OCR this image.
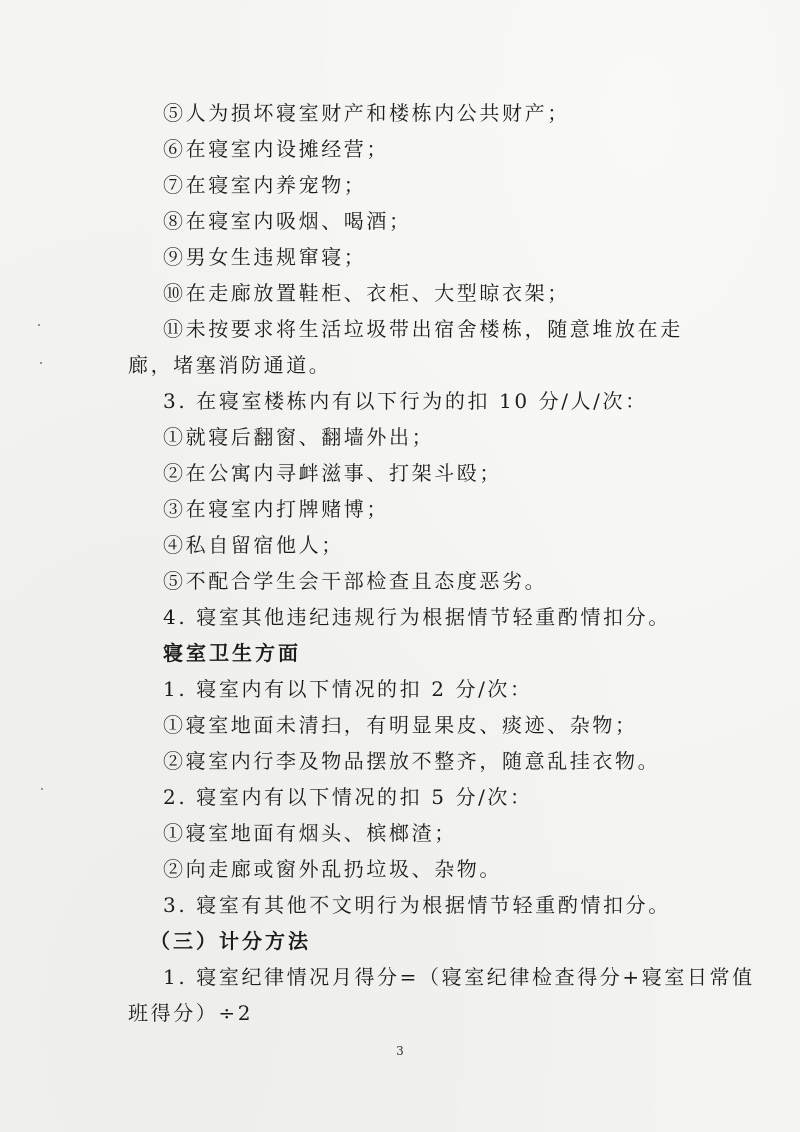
⑤人为损坏寝室财产和楼栋内公共财产；
⑥在寝室内设摊经营；
⑦在寝室内养宠物；
⑧在寝室内吸烟、喝酒；
⑨男女生违规窜寝；
⑩在走廊放置鞋柜、衣柜、大型晾衣架；
⑪未按要求将生活垃圾带出宿舍楼栋，随意堆放在走
廊，堵塞消防通道。
3. 在寝室楼栋内有以下行为的扣 10 分/人/次：
①就寝后翻窗、翻墙外出；
②在公寓内寻衅滋事、打架斗殴；
③在寝室内打牌赌博；
④私自留宿他人；
⑤不配合学生会干部检查且态度恶劣。
4. 寝室其他违纪违规行为根据情节轻重酌情扣分。
寝室卫生方面
1. 寝室内有以下情况的扣 2 分/次：
①寝室地面未清扫，有明显果皮、痰迹、杂物；
②寝室内行李及物品摆放不整齐，随意乱挂衣物。
2. 寝室内有以下情况的扣 5 分/次：
①寝室地面有烟头、槟榔渣；
②向走廊或窗外乱扔垃圾、杂物。
3. 寝室有其他不文明行为根据情节轻重酌情扣分。
（三）计分方法
1. 寝室纪律情况月得分=（寝室纪律检查得分+寝室日常值
班得分）÷2
3
